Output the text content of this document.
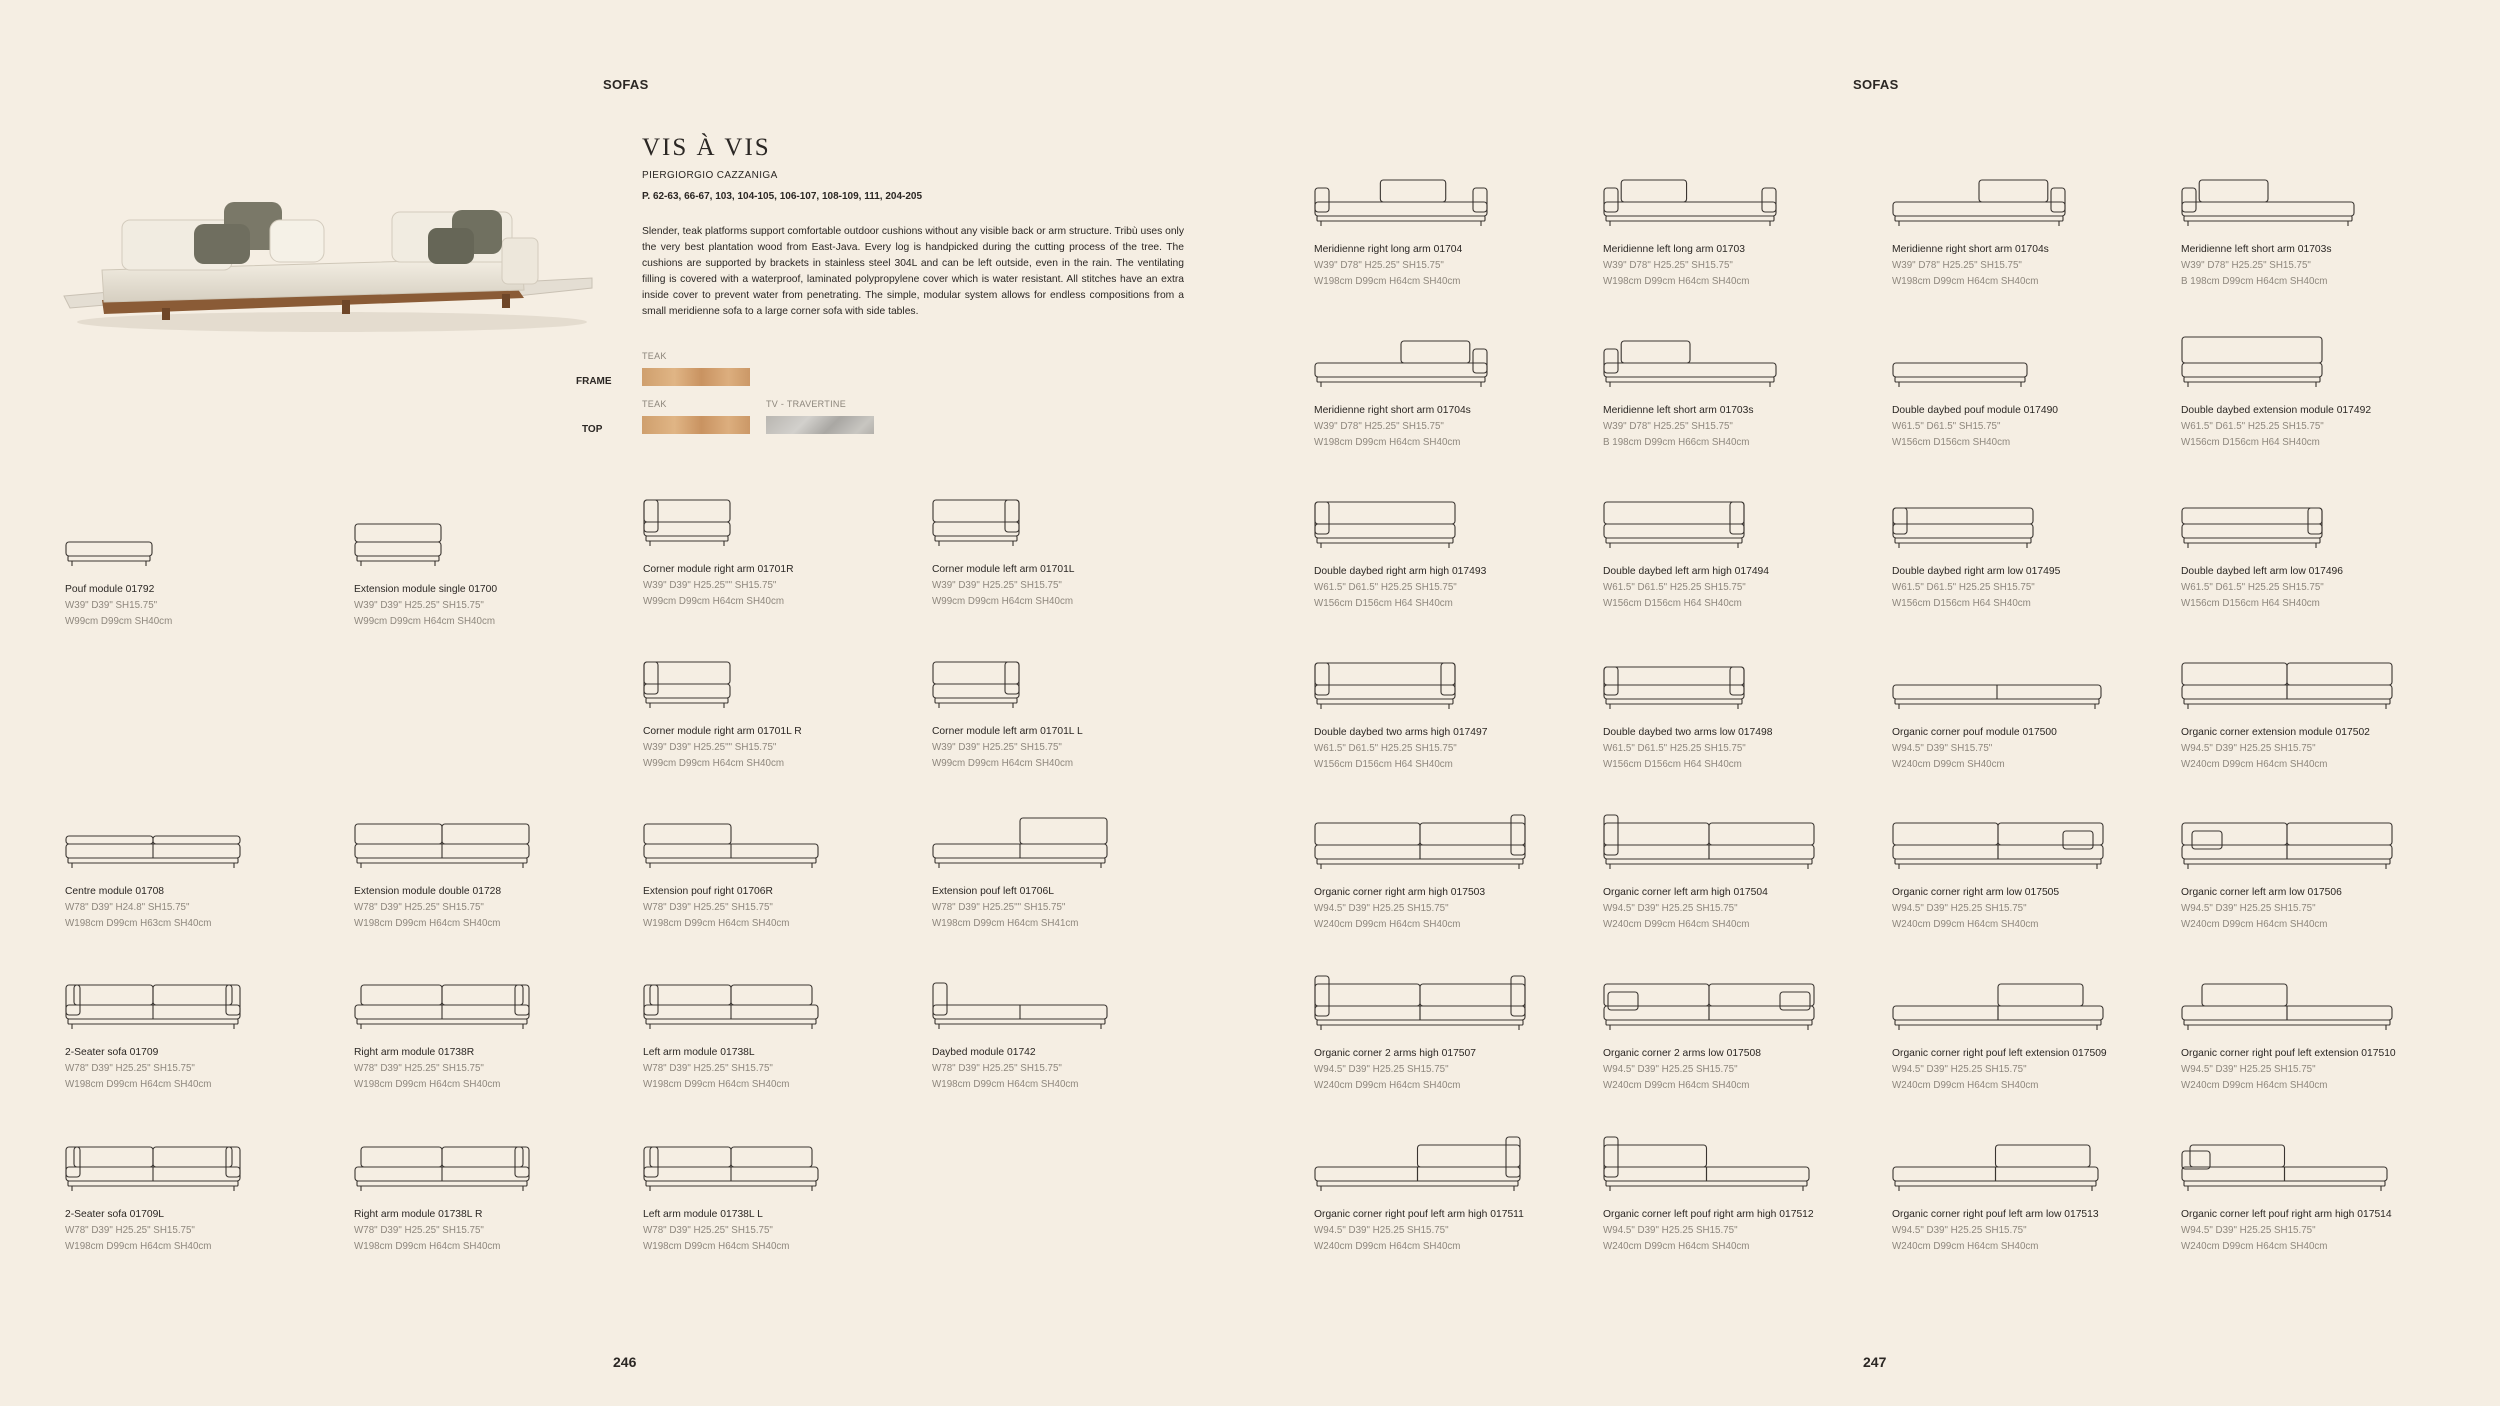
SOFAS
VIS À VIS
PIERGIORGIO CAZZANIGA
P. 62-63, 66-67, 103, 104-105, 106-107, 108-109, 111, 204-205
Slender, teak platforms support comfortable outdoor cushions without any visible back or arm structure. Tribù uses only the very best plantation wood from East-Java. Every log is handpicked during the cutting process of the tree. The cushions are supported by brackets in stainless steel 304L and can be left outside, even in the rain. The ventilating filling is covered with a waterproof, laminated polypropylene cover which is water resistant. All stitches have an extra inside cover to prevent water from penetrating. The simple, modular system allows for endless compositions from a small meridienne sofa to a large corner sofa with side tables.
TEAK
FRAME
TEAK	TV - TRAVERTINE
TOP
Pouf module 01792
W39" D39" SH15.75"
W99cm D99cm SH40cm
Extension module single 01700
W39" D39" H25.25" SH15.75"
W99cm D99cm H64cm SH40cm
Corner module right arm 01701R
W39" D39" H25.25"" SH15.75"
W99cm D99cm H64cm SH40cm
Corner module left arm 01701L
W39" D39" H25.25" SH15.75"
W99cm D99cm H64cm SH40cm
Corner module right arm 01701L R
W39" D39" H25.25"" SH15.75"
W99cm D99cm H64cm SH40cm
Corner module left arm 01701L L
W39" D39" H25.25" SH15.75"
W99cm D99cm H64cm SH40cm
Centre module 01708
W78" D39" H24.8" SH15.75"
W198cm D99cm H63cm SH40cm
Extension module double 01728
W78" D39" H25.25" SH15.75"
W198cm D99cm H64cm SH40cm
Extension pouf right 01706R
W78" D39" H25.25" SH15.75"
W198cm D99cm H64cm SH40cm
Extension pouf left 01706L
W78" D39" H25.25"" SH15.75"
W198cm D99cm H64cm SH41cm
2-Seater sofa 01709
W78" D39" H25.25" SH15.75"
W198cm D99cm H64cm SH40cm
Right arm module 01738R
W78" D39" H25.25" SH15.75"
W198cm D99cm H64cm SH40cm
Left arm module 01738L
W78" D39" H25.25" SH15.75"
W198cm D99cm H64cm SH40cm
Daybed module 01742
W78" D39" H25.25" SH15.75"
W198cm D99cm H64cm SH40cm
2-Seater sofa 01709L
W78" D39" H25.25" SH15.75"
W198cm D99cm H64cm SH40cm
Right arm module 01738L R
W78" D39" H25.25" SH15.75"
W198cm D99cm H64cm SH40cm
Left arm module 01738L L
W78" D39" H25.25" SH15.75"
W198cm D99cm H64cm SH40cm
246
SOFAS
Meridienne right long arm 01704
W39" D78" H25.25" SH15.75"
W198cm D99cm H64cm SH40cm
Meridienne left long arm 01703
W39" D78" H25.25" SH15.75"
W198cm D99cm H64cm SH40cm
Meridienne right short arm 01704s
W39" D78" H25.25" SH15.75"
W198cm D99cm H64cm SH40cm
Meridienne left short arm 01703s
W39" D78" H25.25" SH15.75"
B 198cm D99cm H64cm SH40cm
Meridienne right short arm 01704s
W39" D78" H25.25" SH15.75"
W198cm D99cm H64cm SH40cm
Meridienne left short arm 01703s
W39" D78" H25.25" SH15.75"
B 198cm D99cm H66cm SH40cm
Double daybed pouf module 017490
W61.5" D61.5" SH15.75"
W156cm D156cm SH40cm
Double daybed extension module 017492
W61.5" D61.5" H25.25 SH15.75"
W156cm D156cm H64 SH40cm
Double daybed right arm high 017493
W61.5" D61.5" H25.25 SH15.75"
W156cm D156cm H64 SH40cm
Double daybed left arm high 017494
W61.5" D61.5" H25.25 SH15.75"
W156cm D156cm H64 SH40cm
Double daybed right arm low 017495
W61.5" D61.5" H25.25 SH15.75"
W156cm D156cm H64 SH40cm
Double daybed left arm low 017496
W61.5" D61.5" H25.25 SH15.75"
W156cm D156cm H64 SH40cm
Double daybed two arms high 017497
W61.5" D61.5" H25.25 SH15.75"
W156cm D156cm H64 SH40cm
Double daybed two arms low 017498
W61.5" D61.5" H25.25 SH15.75"
W156cm D156cm H64 SH40cm
Organic corner pouf module 017500
W94.5" D39" SH15.75"
W240cm D99cm SH40cm
Organic corner extension module 017502
W94.5" D39" H25.25 SH15.75"
W240cm D99cm H64cm SH40cm
Organic corner right arm high 017503
W94.5" D39" H25.25 SH15.75"
W240cm D99cm H64cm SH40cm
Organic corner left arm high 017504
W94.5" D39" H25.25 SH15.75"
W240cm D99cm H64cm SH40cm
Organic corner right arm low 017505
W94.5" D39" H25.25 SH15.75"
W240cm D99cm H64cm SH40cm
Organic corner left arm low 017506
W94.5" D39" H25.25 SH15.75"
W240cm D99cm H64cm SH40cm
Organic corner 2 arms high 017507
W94.5" D39" H25.25 SH15.75"
W240cm D99cm H64cm SH40cm
Organic corner 2 arms low 017508
W94.5" D39" H25.25 SH15.75"
W240cm D99cm H64cm SH40cm
Organic corner right pouf left extension 017509
W94.5" D39" H25.25 SH15.75"
W240cm D99cm H64cm SH40cm
Organic corner right pouf left extension 017510
W94.5" D39" H25.25 SH15.75"
W240cm D99cm H64cm SH40cm
Organic corner right pouf left arm high 017511
W94.5" D39" H25.25 SH15.75"
W240cm D99cm H64cm SH40cm
Organic corner left pouf right arm high 017512
W94.5" D39" H25.25 SH15.75"
W240cm D99cm H64cm SH40cm
Organic corner right pouf left arm low 017513
W94.5" D39" H25.25 SH15.75"
W240cm D99cm H64cm SH40cm
Organic corner left pouf right arm high 017514
W94.5" D39" H25.25 SH15.75"
W240cm D99cm H64cm SH40cm
247
